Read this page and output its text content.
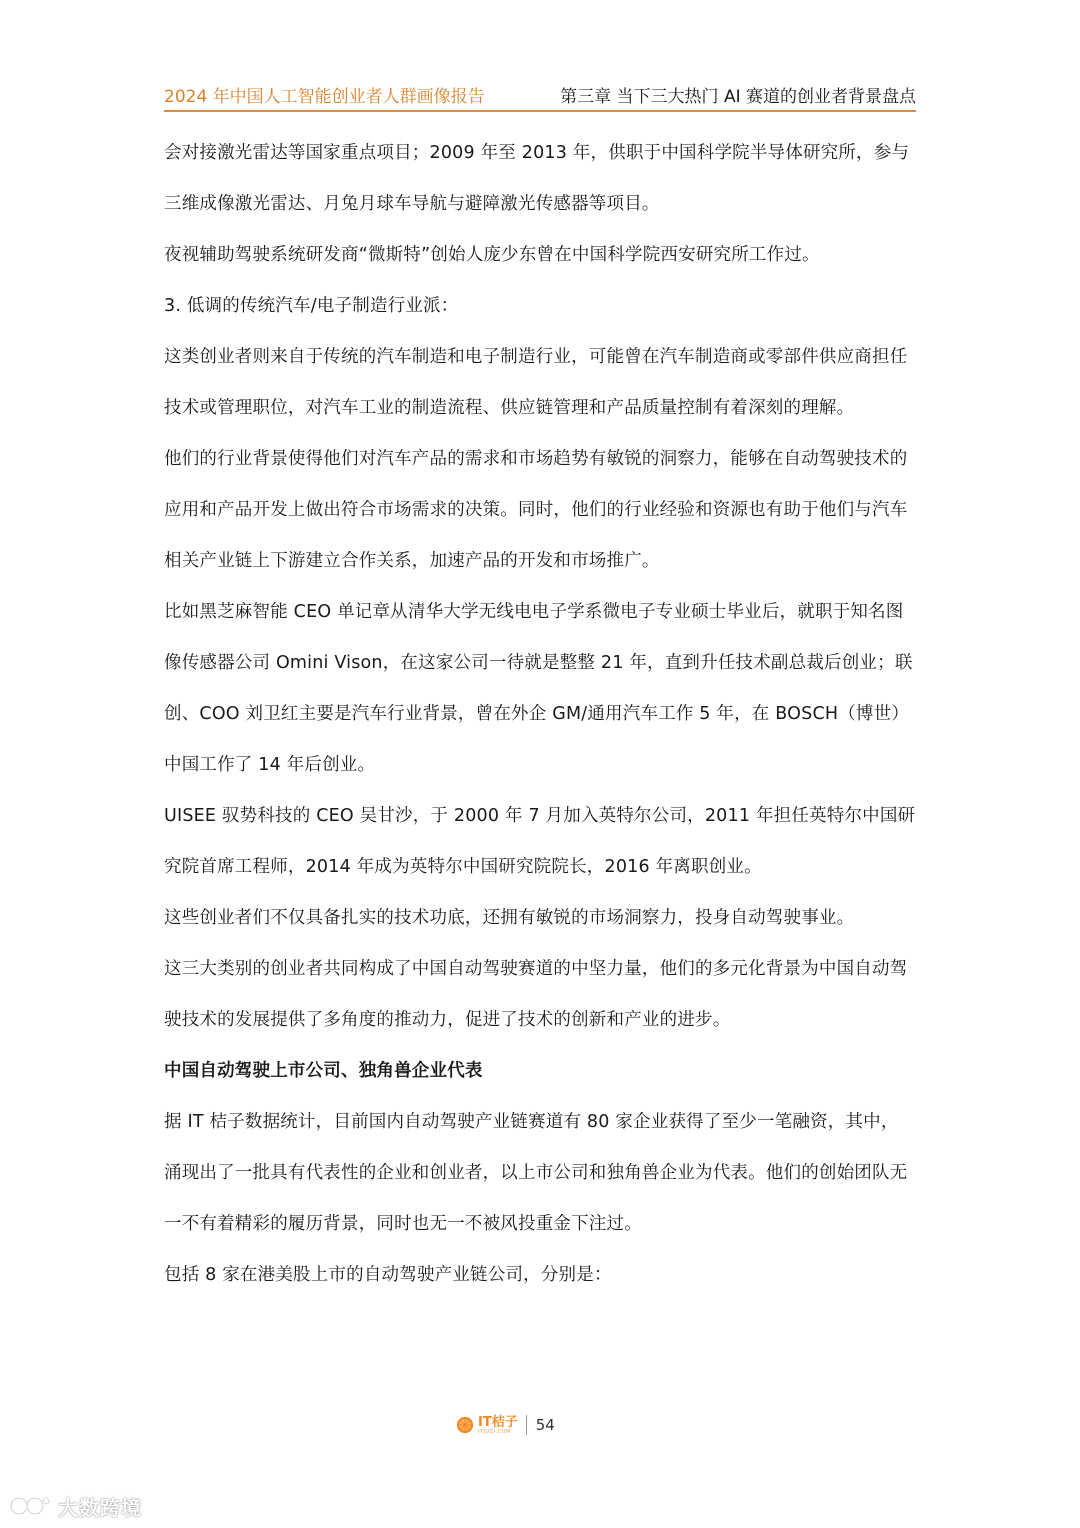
2024 年中国人工智能创业者人群画像报告	第三章 当下三大热门 AI 赛道的创业者背景盘点

会对接激光雷达等国家重点项目；2009 年至 2013 年，供职于中国科学院半导体研究所，参与三维成像激光雷达、月兔月球车导航与避障激光传感器等项目。

夜视辅助驾驶系统研发商“微斯特”创始人庞少东曾在中国科学院西安研究所工作过。

3. 低调的传统汽车/电子制造行业派：

这类创业者则来自于传统的汽车制造和电子制造行业，可能曾在汽车制造商或零部件供应商担任技术或管理职位，对汽车工业的制造流程、供应链管理和产品质量控制有着深刻的理解。

他们的行业背景使得他们对汽车产品的需求和市场趋势有敏锐的洞察力，能够在自动驾驶技术的应用和产品开发上做出符合市场需求的决策。同时，他们的行业经验和资源也有助于他们与汽车相关产业链上下游建立合作关系，加速产品的开发和市场推广。

比如黑芝麻智能 CEO 单记章从清华大学无线电电子学系微电子专业硕士毕业后，就职于知名图像传感器公司 Omini Vison，在这家公司一待就是整整 21 年，直到升任技术副总裁后创业；联创、COO 刘卫红主要是汽车行业背景，曾在外企 GM/通用汽车工作 5 年，在 BOSCH（博世）中国工作了 14 年后创业。

UISEE 驭势科技的 CEO 吴甘沙，于 2000 年 7 月加入英特尔公司，2011 年担任英特尔中国研究院首席工程师，2014 年成为英特尔中国研究院院长，2016 年离职创业。

这些创业者们不仅具备扎实的技术功底，还拥有敏锐的市场洞察力，投身自动驾驶事业。

这三大类别的创业者共同构成了中国自动驾驶赛道的中坚力量，他们的多元化背景为中国自动驾驶技术的发展提供了多角度的推动力，促进了技术的创新和产业的进步。

中国自动驾驶上市公司、独角兽企业代表

据 IT 桔子数据统计，目前国内自动驾驶产业链赛道有 80 家企业获得了至少一笔融资，其中，涌现出了一批具有代表性的企业和创业者，以上市公司和独角兽企业为代表。他们的创始团队无一不有着精彩的履历背景，同时也无一不被风投重金下注过。

包括 8 家在港美股上市的自动驾驶产业链公司，分别是：

IT桔子
ITJUZI.COM	54
大数跨境
